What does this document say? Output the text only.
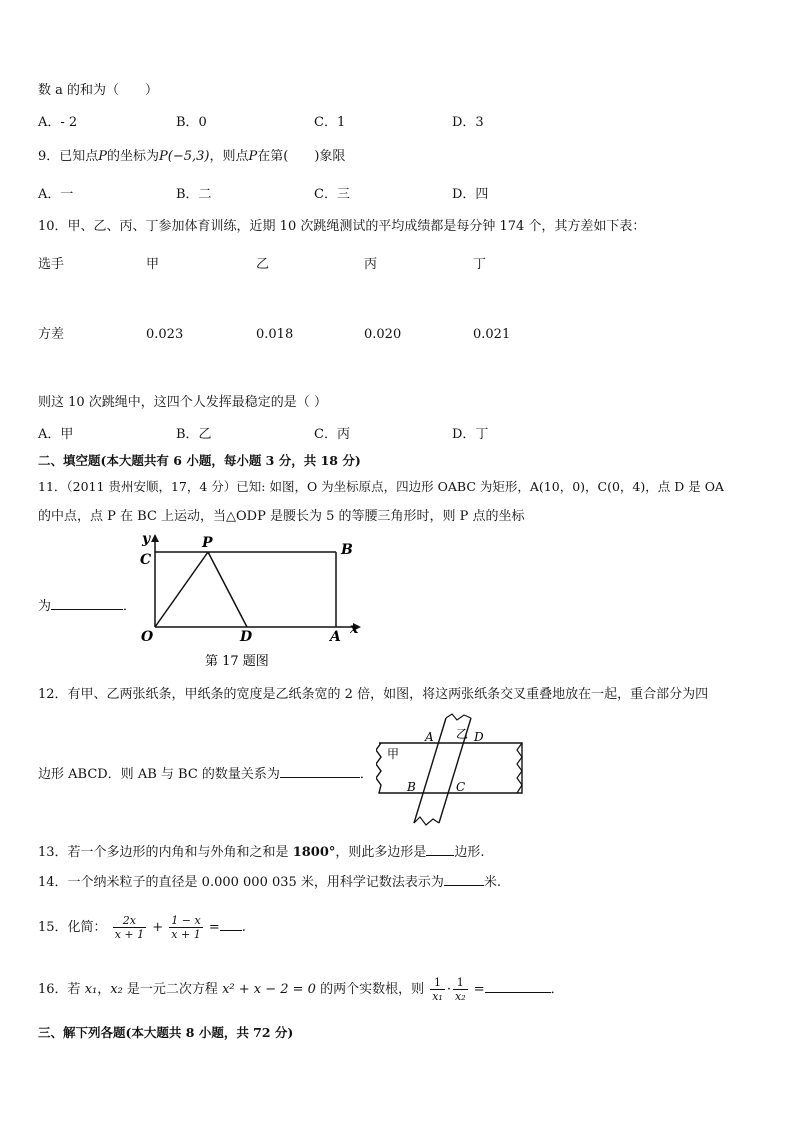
数 a 的和为（　　）
A．- 2	B．0	C．1	D．3
9．已知点P的坐标为P(−5,3)，则点P在第(　　)象限
A．一	B．二	C．三	D．四
10．甲、乙、丙、丁参加体育训练，近期 10 次跳绳测试的平均成绩都是每分钟 174 个，其方差如下表：
选手	甲	乙	丙	丁
方差	0.023	0.018	0.020	0.021
则这 10 次跳绳中，这四个人发挥最稳定的是（ ）
A．甲	B．乙	C．丙	D．丁
二、填空题(本大题共有 6 小题，每小题 3 分，共 18 分)
11．（2011 贵州安顺，17，4 分）已知: 如图，O 为坐标原点，四边形 OABC 为矩形，A(10，0)，C(0，4)，点 D 是 OA
的中点，点 P 在 BC 上运动，当△ODP 是腰长为 5 的等腰三角形时，则 P 点的坐标
为	．
y
C
P	B
O	D	A x
第 17 题图
12．有甲、乙两张纸条，甲纸条的宽度是乙纸条宽的 2 倍，如图，将这两张纸条交叉重叠地放在一起，重合部分为四
边形 ABCD．则 AB 与 BC 的数量关系为	．
甲
乙
A	D
B	C
13．若一个多边形的内角和与外角和之和是 1800°，则此多边形是 边形.
14．一个纳米粒子的直径是 0.000 000 035 米，用科学记数法表示为	米.
15．化简： $\frac{2x}{x + 1} + \frac{1 - x}{x + 1}$ = .
16．若 x₁，x₂ 是一元二次方程 x² + x − 2 = 0 的两个实数根，则 $\frac{1}{\text{x₁}} \cdot \frac{1}{\text{x₂}}$ =	．
三、解下列各题(本大题共 8 小题，共 72 分)
